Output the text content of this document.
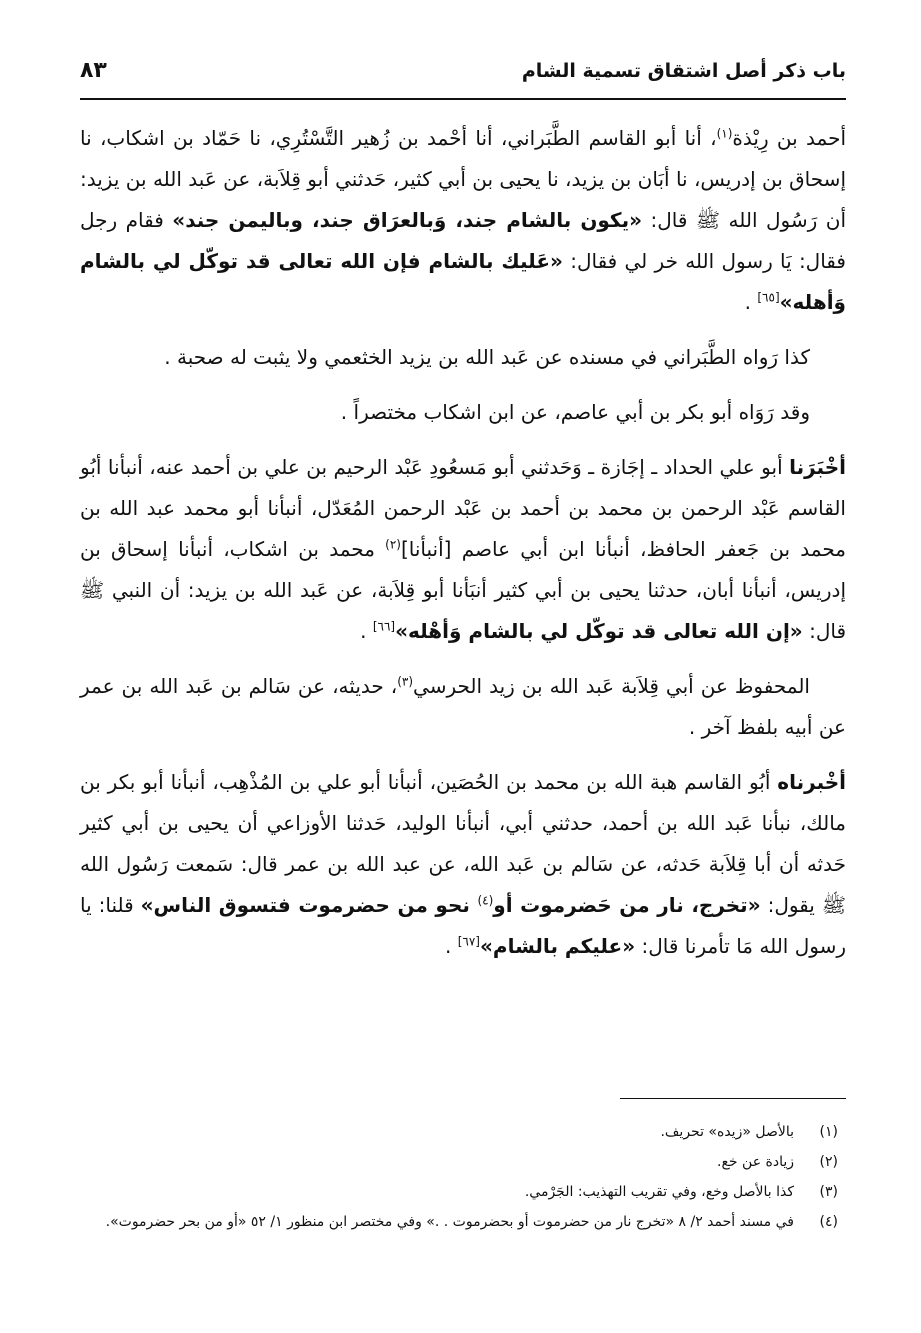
باب ذكر أصل اشتقاق تسمية الشام
٨٣

أحمد بن رِيْذة$^{(١)}$، أنا أبو القاسم الطَّبَراني، أنا أحْمد بن زُهير التَّسْتُرِي، نا حَمّاد بن اشكاب، نا إسحاق بن إدريس، نا أبَان بن يزيد، نا يحيى بن أبي كثير، حَدثني أبو قِلاَبة، عن عَبد الله بن يزيد: أن رَسُول الله ﷺ قال: «يكون بالشام جند، وَبالعرَاق جند، وباليمن جند» فقام رجل فقال: يَا رسول الله خر لي فقال: «عَليك بالشام فإن الله تعالى قد توكّل لي بالشام وَأهله»[٦٥] .

كذا رَواه الطَّبَراني في مسنده عن عَبد الله بن يزيد الخثعمي ولا يثبت له صحبة .

وقد رَوَاه أبو بكر بن أبي عاصم، عن ابن اشكاب مختصراً .

أخْبَرَنا أبو علي الحداد ـ إجَازة ـ وَحَدثني أبو مَسعُودِ عَبْد الرحيم بن علي بن أحمد عنه، أنبأنا أبُو القاسم عَبْد الرحمن بن محمد بن أحمد بن عَبْد الرحمن المُعَدّل، أنبأنا أبو محمد عبد الله بن محمد بن جَعفر الحافظ، أنبأنا ابن أبي عاصم [أنبأنا]$^{(٢)}$ محمد بن اشكاب، أنبأنا إسحاق بن إدريس، أنبأنا أبان، حدثنا يحيى بن أبي كثير أنبَأنا أبو قِلاَبة، عن عَبد الله بن يزيد: أن النبي ﷺ قال: «إن الله تعالى قد توكّل لي بالشام وَأهْله»[٦٦] .

المحفوظ عن أبي قِلاَبة عَبد الله بن زيد الحرسي$^{(٣)}$، حديثه، عن سَالم بن عَبد الله بن عمر عن أبيه بلفظ آخر .

أخْبرناه أبُو القاسم هبة الله بن محمد بن الحُصَين، أنبأنا أبو علي بن المُذْهِب، أنبأنا أبو بكر بن مالك، نبأنا عَبد الله بن أحمد، حدثني أبي، أنبأنا الوليد، حَدثنا الأوزاعي أن يحيى بن أبي كثير حَدثه أن أبا قِلاَبة حَدثه، عن سَالم بن عَبد الله، عن عبد الله بن عمر قال: سَمعت رَسُول الله ﷺ يقول: «تخرج، نار من حَضرموت أو$^{(٤)}$ نحو من حضرموت فتسوق الناس» قلنا: يا رسول الله مَا تأمرنا قال: «عليكم بالشام»[٦٧] .

(١)
بالأصل «زيده» تحريف.
(٢)
زيادة عن خع.
(٣)
كذا بالأصل وخع، وفي تقريب التهذيب: الجَرْمي.
(٤)
في مسند أحمد ٢/ ٨ «تخرج نار من حضرموت أو بحضرموت . .» وفي مختصر ابن منظور ١/ ٥٢ «أو من بحر حضرموت».
